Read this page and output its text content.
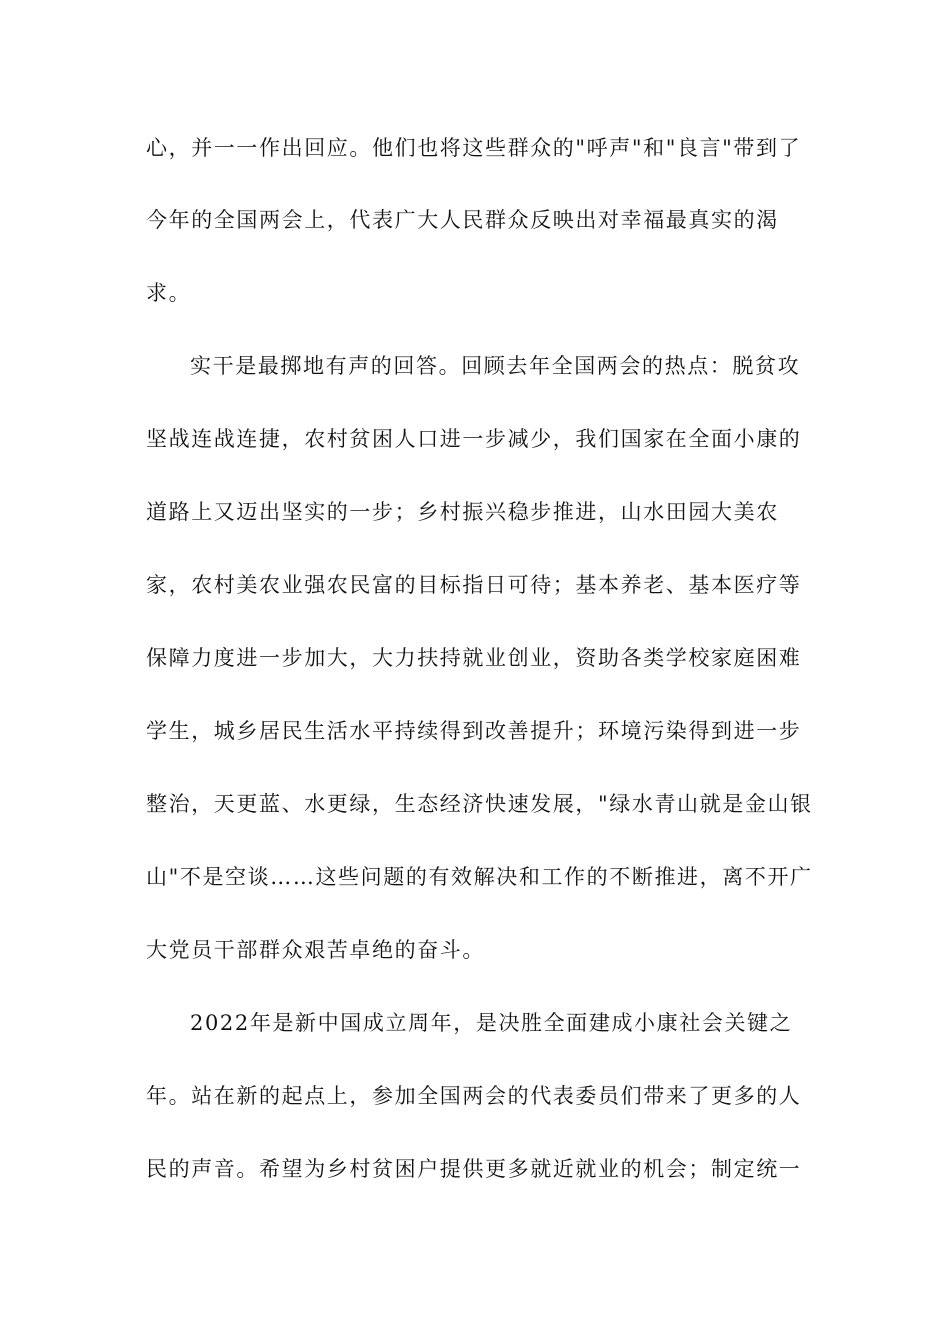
心，并一一作出回应。他们也将这些群众的"呼声"和"良言"带到了
今年的全国两会上，代表广大人民群众反映出对幸福最真实的渴
求。
实干是最掷地有声的回答。回顾去年全国两会的热点：脱贫攻
坚战连战连捷，农村贫困人口进一步减少，我们国家在全面小康的
道路上又迈出坚实的一步；乡村振兴稳步推进，山水田园大美农
家，农村美农业强农民富的目标指日可待；基本养老、基本医疗等
保障力度进一步加大，大力扶持就业创业，资助各类学校家庭困难
学生，城乡居民生活水平持续得到改善提升；环境污染得到进一步
整治，天更蓝、水更绿，生态经济快速发展，"绿水青山就是金山银
山"不是空谈……这些问题的有效解决和工作的不断推进，离不开广
大党员干部群众艰苦卓绝的奋斗。
2022年是新中国成立周年，是决胜全面建成小康社会关键之
年。站在新的起点上，参加全国两会的代表委员们带来了更多的人
民的声音。希望为乡村贫困户提供更多就近就业的机会；制定统一
